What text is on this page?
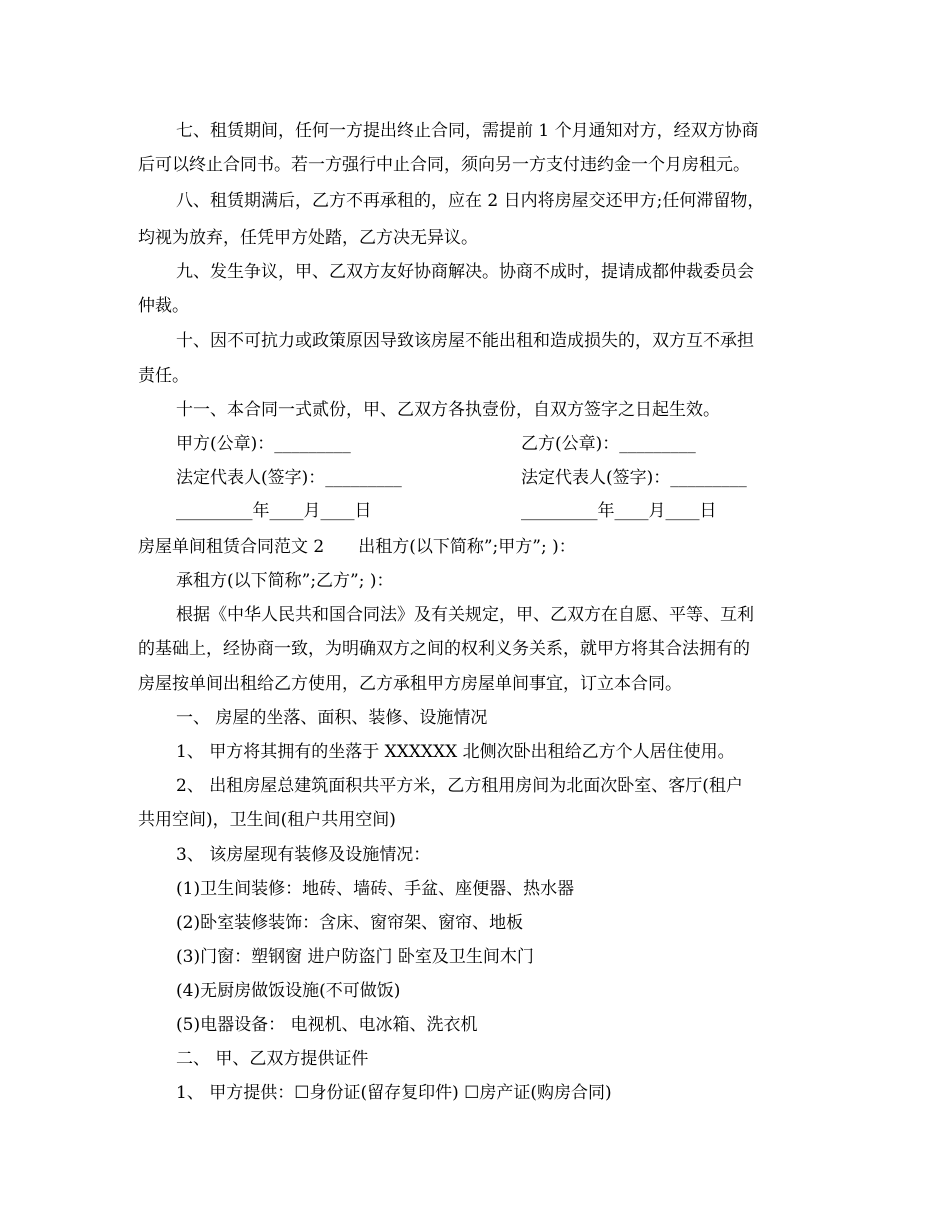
七、租赁期间，任何一方提出终止合同，需提前 1 个月通知对方，经双方协商
后可以终止合同书。若一方强行中止合同，须向另一方支付违约金一个月房租元。
八、租赁期满后，乙方不再承租的，应在 2 日内将房屋交还甲方;任何滞留物，
均视为放弃，任凭甲方处踏，乙方决无异议。
九、发生争议，甲、乙双方友好协商解决。协商不成时，提请成都仲裁委员会
仲裁。
十、因不可抗力或政策原因导致该房屋不能出租和造成损失的，双方互不承担
责任。
十一、本合同一式贰份，甲、乙双方各执壹份，自双方签字之日起生效。
甲方(公章)：_________	乙方(公章)：_________
法定代表人(签字)：_________	法定代表人(签字)：_________
_________年____月____日	_________年____月____日
房屋单间租赁合同范文 2　　出租方(以下简称”;甲方”; )：
承租方(以下简称”;乙方”; )：
根据《中华人民共和国合同法》及有关规定，甲、乙双方在自愿、平等、互利
的基础上，经协商一致，为明确双方之间的权利义务关系，就甲方将其合法拥有的
房屋按单间出租给乙方使用，乙方承租甲方房屋单间事宜，订立本合同。
一、 房屋的坐落、面积、装修、设施情况
1、 甲方将其拥有的坐落于 XXXXXX 北侧次卧出租给乙方个人居住使用。
2、 出租房屋总建筑面积共平方米，乙方租用房间为北面次卧室、客厅(租户
共用空间)，卫生间(租户共用空间)
3、 该房屋现有装修及设施情况：
(1)卫生间装修：地砖、墙砖、手盆、座便器、热水器
(2)卧室装修装饰：含床、窗帘架、窗帘、地板
(3)门窗：塑钢窗 进户防盗门 卧室及卫生间木门
(4)无厨房做饭设施(不可做饭)
(5)电器设备： 电视机、电冰箱、洗衣机
二、 甲、乙双方提供证件
1、 甲方提供：☐身份证(留存复印件) ☐房产证(购房合同)
